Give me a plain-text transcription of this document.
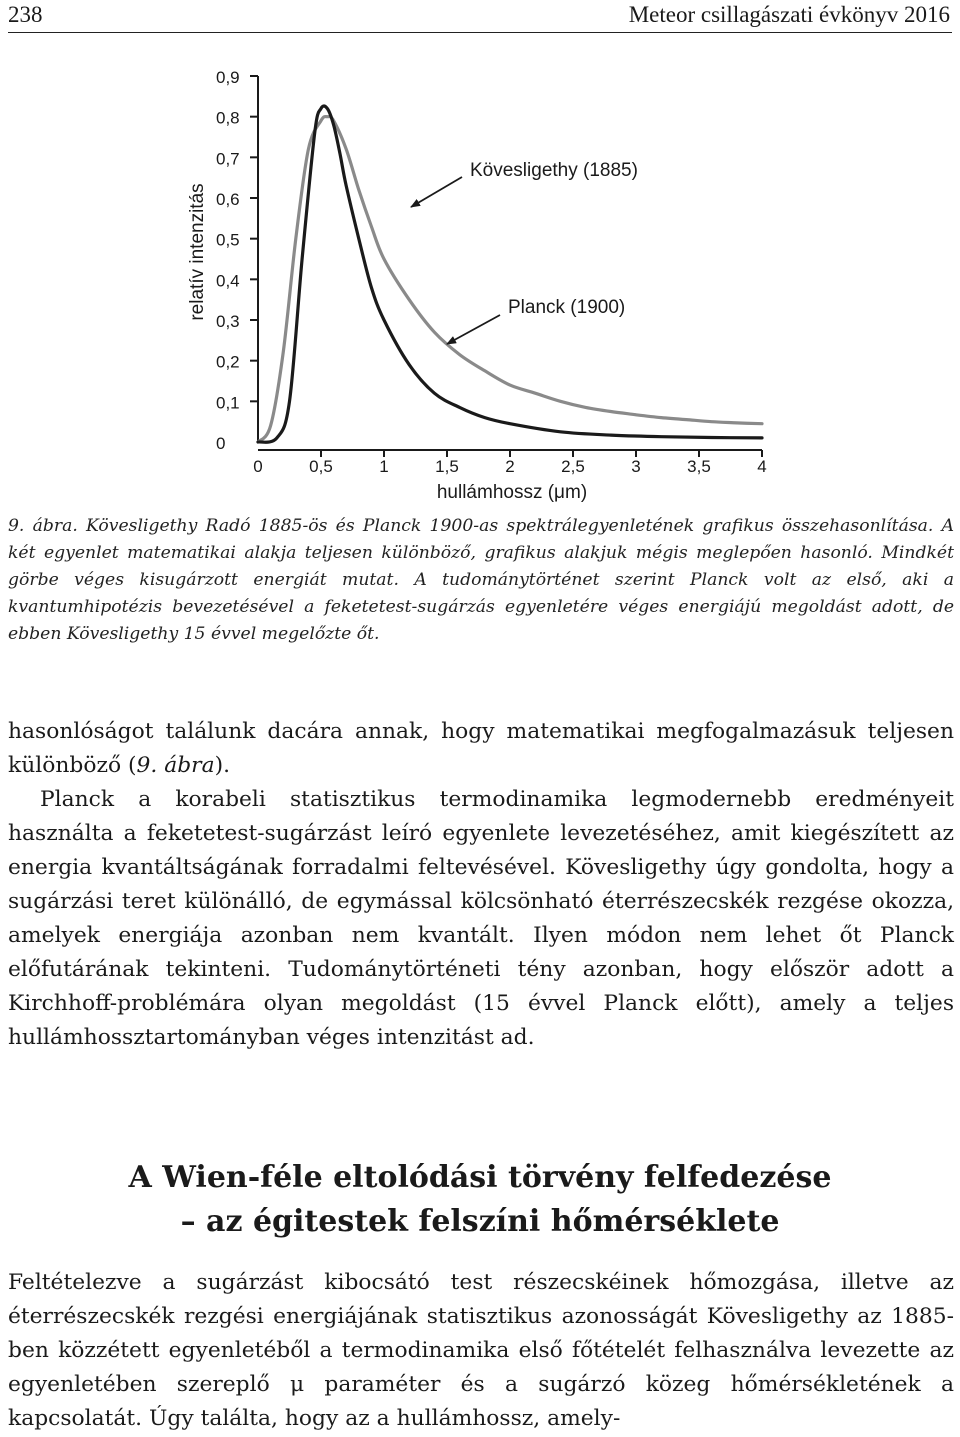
238	Meteor csillagászati évkönyv 2016
0
0,1
0,2
0,3
0,4
0,5
0,6
0,7
0,8
0,9
0	0,5	1	1,5	2	2,5	3	3,5	4
relatív intenzitás
hullámhossz (μm)
Kövesligethy (1885)
Planck (1900)
9. ábra. Kövesligethy Radó 1885-ös és Planck 1900-as spektrálegyenletének grafikus összehasonlítása. A két egyenlet matematikai alakja teljesen különböző, grafikus alakjuk mégis meglepően hasonló. Mindkét görbe véges kisugárzott energiát mutat. A tudománytörténet szerint Planck volt az első, aki a kvantumhipotézis bevezetésével a feketetest-sugárzás egyenletére véges energiájú megoldást adott, de ebben Kövesligethy 15 évvel megelőzte őt.

hasonlóságot találunk dacára annak, hogy matematikai megfogalmazásuk teljesen különböző (9. ábra).

Planck a korabeli statisztikus termodinamika legmodernebb eredményeit használta a feketetest-sugárzást leíró egyenlete levezetéséhez, amit kiegészített az energia kvantáltságának forradalmi feltevésével. Kövesligethy úgy gondolta, hogy a sugárzási teret különálló, de egymással kölcsönható éterrészecskék rezgése okozza, amelyek energiája azonban nem kvantált. Ilyen módon nem lehet őt Planck előfutárának tekinteni. Tudománytörténeti tény azonban, hogy először adott a Kirchhoff-problémára olyan megoldást (15 évvel Planck előtt), amely a teljes hullámhossztartományban véges intenzitást ad.

A Wien-féle eltolódási törvény felfedezése
– az égitestek felszíni hőmérséklete

Feltételezve a sugárzást kibocsátó test részecskéinek hőmozgása, illetve az éterrészecskék rezgési energiájának statisztikus azonosságát Kövesligethy az 1885-ben közzétett egyenletéből a termodinamika első főtételét felhasználva levezette az egyenletében szereplő μ paraméter és a sugárzó közeg hőmérsékletének a kapcsolatát. Úgy találta, hogy az a hullámhossz, amely-
